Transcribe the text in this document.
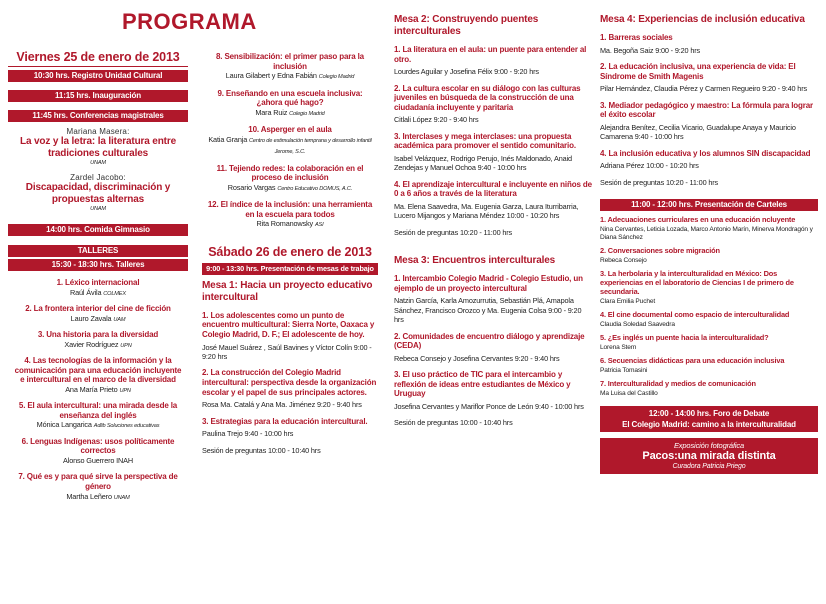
PROGRAMA
Viernes 25 de enero de 2013
10:30 hrs. Registro Unidad Cultural
11:15 hrs. Inauguración
11:45 hrs. Conferencias magistrales
Mariana Masera:
La voz y la letra: la literatura entre tradiciones culturales
UNAM
Zardel Jacobo:
Discapacidad, discriminación y propuestas alternas
UNAM
14:00 hrs. Comida Gimnasio
TALLERES
15:30 - 18:30 hrs. Talleres
1. Léxico internacional
Raúl Ávila COLMEX
2. La frontera interior del cine de ficción
Lauro Zavala UAM
3. Una historia para la diversidad
Xavier Rodríguez UPN
4. Las tecnologías de la información y la comunicación para una educación incluyente e intercultural en el marco de la diversidad
Ana María Prieto UPN
5. El aula intercultural: una mirada desde la enseñanza del inglés
Mónica Langarica Adlib Soluciones educativas
6. Lenguas Indígenas: usos políticamente correctos
Alonso Guerrero INAH
7. Qué es y para qué sirve la perspectiva de género
Martha Leñero UNAM
8. Sensibilización: el primer paso para la inclusión
Laura Gilabert y Edna Fabián Colegio Madrid
9. Enseñando en una escuela inclusiva: ¿ahora qué hago?
Mara Ruiz Colegio Madrid
10. Asperger en el aula
Katia Granja Centro de estimulación temprana y desarrollo infantil Jerome, S.C.
11. Tejiendo redes: la colaboración en el proceso de inclusión
Rosario Vargas Centro Educativo DOMUS, A.C.
12. El índice de la inclusión: una herramienta en la escuela para todos
Rita Romanowsky ASI
Sábado 26 de enero de 2013
9:00 - 13:30 hrs. Presentación de mesas de trabajo
Mesa 1: Hacia un proyecto educativo intercultural
1. Los adolescentes como un punto de encuentro multicultural: Sierra Norte, Oaxaca y Colegio Madrid, D. F.; El adolescente de hoy.
José Mauel Suárez , Saúl Bavines y Víctor Colín 9:00 - 9:20 hrs
2. La construcción del Colegio Madrid intercultural: perspectiva desde la organización escolar y el papel de sus principales actores.
Rosa Ma. Catalá y Ana Ma. Jiménez 9:20 - 9:40 hrs
3. Estrategias para la educación intercultural.
Paulina Trejo 9:40 - 10:00 hrs
Sesión de preguntas 10:00 - 10:40 hrs
Mesa 2: Construyendo puentes interculturales
1. La literatura en el aula: un puente para entender al otro.
Lourdes Aguilar y Josefina Félix 9:00 - 9:20 hrs
2. La cultura escolar en su diálogo con las culturas juveniles en búsqueda de la construcción de una ciudadanía incluyente y paritaria
Citlali López 9:20 - 9:40 hrs
3. Interclases y mega interclases: una propuesta académica para promover el sentido comunitario.
Isabel Velázquez, Rodrigo Perujo, Inés Maldonado, Anaid Zendejas y Manuel Ochoa 9:40 - 10:00 hrs
4. El aprendizaje intercultural e incluyente en niños de 0 a 6 años a través de la literatura
Ma. Elena Saavedra, Ma. Eugenia Garza, Laura Iturribarria, Lucero Mijangos y Mariana Méndez 10:00 - 10:20 hrs
Sesión de preguntas 10:20 - 11:00 hrs
Mesa 3: Encuentros interculturales
1. Intercambio Colegio Madrid - Colegio Estudio, un ejemplo de un proyecto intercultural
Natzin García, Karla Amozurrutia, Sebastián Plá, Amapola Sánchez, Francisco Orozco y Ma. Eugenia Colsa 9:00 - 9:20 hrs
2. Comunidades de encuentro diálogo y aprendizaje (CEDA)
Rebeca Consejo y Josefina Cervantes 9:20 - 9:40 hrs
3. El uso práctico de TIC para el intercambio y reflexión de ideas entre estudiantes de México y Uruguay
Josefina Cervantes y Mariflor Ponce de León 9:40 - 10:00 hrs
Sesión de preguntas 10:00 - 10:40 hrs
Mesa 4: Experiencias de inclusión educativa
1. Barreras sociales
Ma. Begoña Saiz 9:00 - 9:20 hrs
2. La educación inclusiva, una experiencia de vida: El Síndrome de Smith Magenis
Pilar Hernández, Claudia Pérez y Carmen Regueiro 9:20 - 9:40 hrs
3. Mediador pedagógico y maestro: La fórmula para lograr el éxito escolar
Alejandra Benítez, Cecilia Vicario, Guadalupe Anaya y Mauricio Camarena 9:40 - 10:00 hrs
4. La inclusión educativa y los alumnos SIN discapacidad
Adriana Pérez 10:00 - 10:20 hrs
Sesión de preguntas 10:20 - 11:00 hrs
11:00 - 12:00 hrs. Presentación de Carteles
1. Adecuaciones curriculares en una educación ncluyente
Nina Cervantes, Leticia Lozada, Marco Antonio Marín, Minerva Mondragón y Diana Sánchez
2. Conversaciones sobre migración
Rebeca Consejo
3. La herbolaria y la interculturalidad en México: Dos experiencias en el laboratorio de Ciencias I de primero de secundaria.
Clara Emilia Puchet
4. El cine documental como espacio de interculturalidad
Claudia Soledad Saavedra
5. ¿Es inglés un puente hacia la interculturalidad?
Lorena Stern
6. Secuencias didácticas para una educación inclusiva
Patricia Tomasini
7. Interculturalidad y medios de comunicación
Ma Luisa del Castillo
12:00 - 14:00 hrs. Foro de Debate
El Colegio Madrid: camino a la interculturalidad
Exposición fotográfica
Pacos:una mirada distinta
Curadora Patricia Priego
